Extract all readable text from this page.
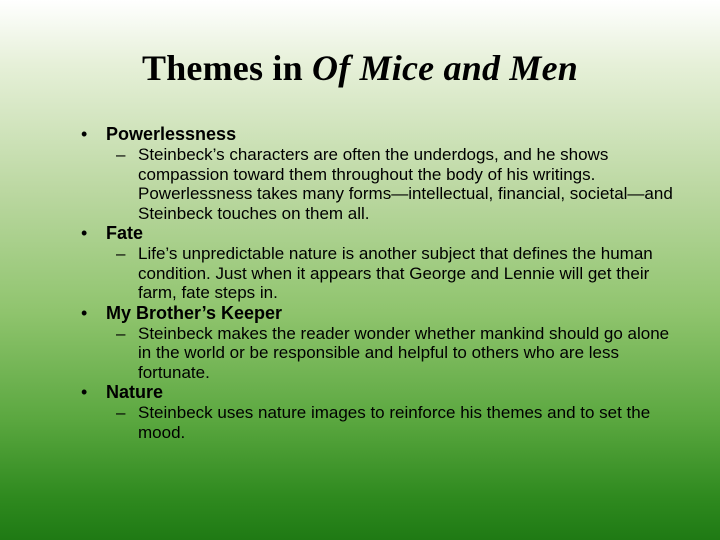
Themes in Of Mice and Men
• Powerlessness
– Steinbeck’s characters are often the underdogs, and he shows compassion toward them throughout the body of his writings. Powerlessness takes many forms—intellectual, financial, societal—and Steinbeck touches on them all.
• Fate
– Life’s unpredictable nature is another subject that defines the human condition. Just when it appears that George and Lennie will get their farm, fate steps in.
• My Brother’s Keeper
– Steinbeck makes the reader wonder whether mankind should go alone in the world or be responsible and helpful to others who are less fortunate.
• Nature
– Steinbeck uses nature images to reinforce his themes and to set the mood.
